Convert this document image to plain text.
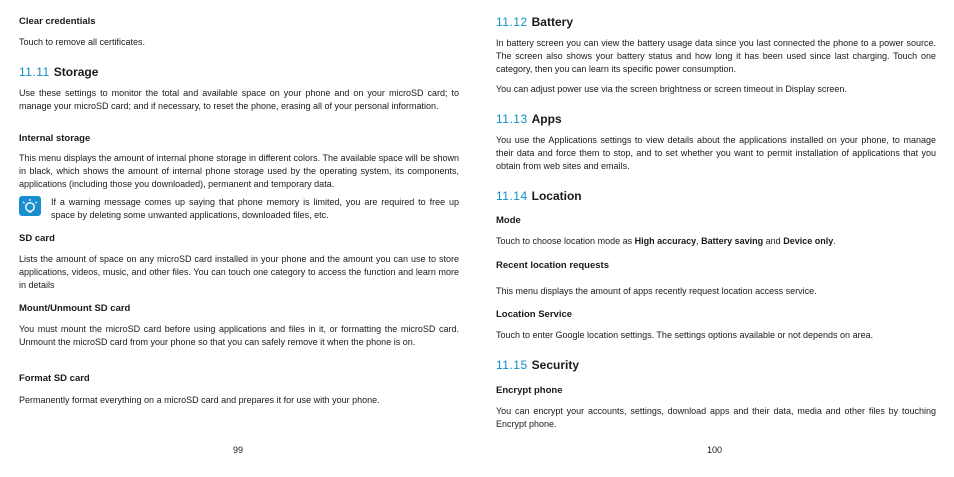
Clear credentials

Touch to remove all certificates.

11.11 Storage

Use these settings to monitor the total and available space on your phone and on your microSD card; to manage your microSD card; and if necessary, to reset the phone, erasing all of your personal information.

Internal storage

This menu displays the amount of internal phone storage in different colors. The available space will be shown in black, which shows the amount of internal phone storage used by the operating system, its components, applications (including those you downloaded), permanent and temporary data.

If a warning message comes up saying that phone memory is limited, you are required to free up space by deleting some unwanted applications, downloaded files, etc.

SD card

Lists the amount of space on any microSD card installed in your phone and the amount you can use to store applications, videos, music, and other files. You can touch one category to access the function and learn more in details

Mount/Unmount SD card

You must mount the microSD card before using applications and files in it, or formatting the microSD card. Unmount the microSD card from your phone so that you can safely remove it when the phone is on.

Format SD card

Permanently format everything on a microSD card and prepares it for use with your phone.

99
11.12 Battery

In battery screen you can view the battery usage data since you last connected the phone to a power source. The screen also shows your battery status and how long it has been used since last charging. Touch one category, then you can learn its specific power consumption.

You can adjust power use via the screen brightness or screen timeout in Display screen.

11.13 Apps

You use the Applications settings to view details about the applications installed on your phone, to manage their data and force them to stop, and to set whether you want to permit installation of applications that you obtain from web sites and emails.

11.14 Location

Mode

Touch to choose location mode as High accuracy, Battery saving and Device only.

Recent location requests

This menu displays the amount of apps recently request location access service.

Location Service

Touch to enter Google location settings. The settings options available or not depends on area.

11.15 Security

Encrypt phone

You can encrypt your accounts, settings, download apps and their data, media and other files by touching Encrypt phone.

100
